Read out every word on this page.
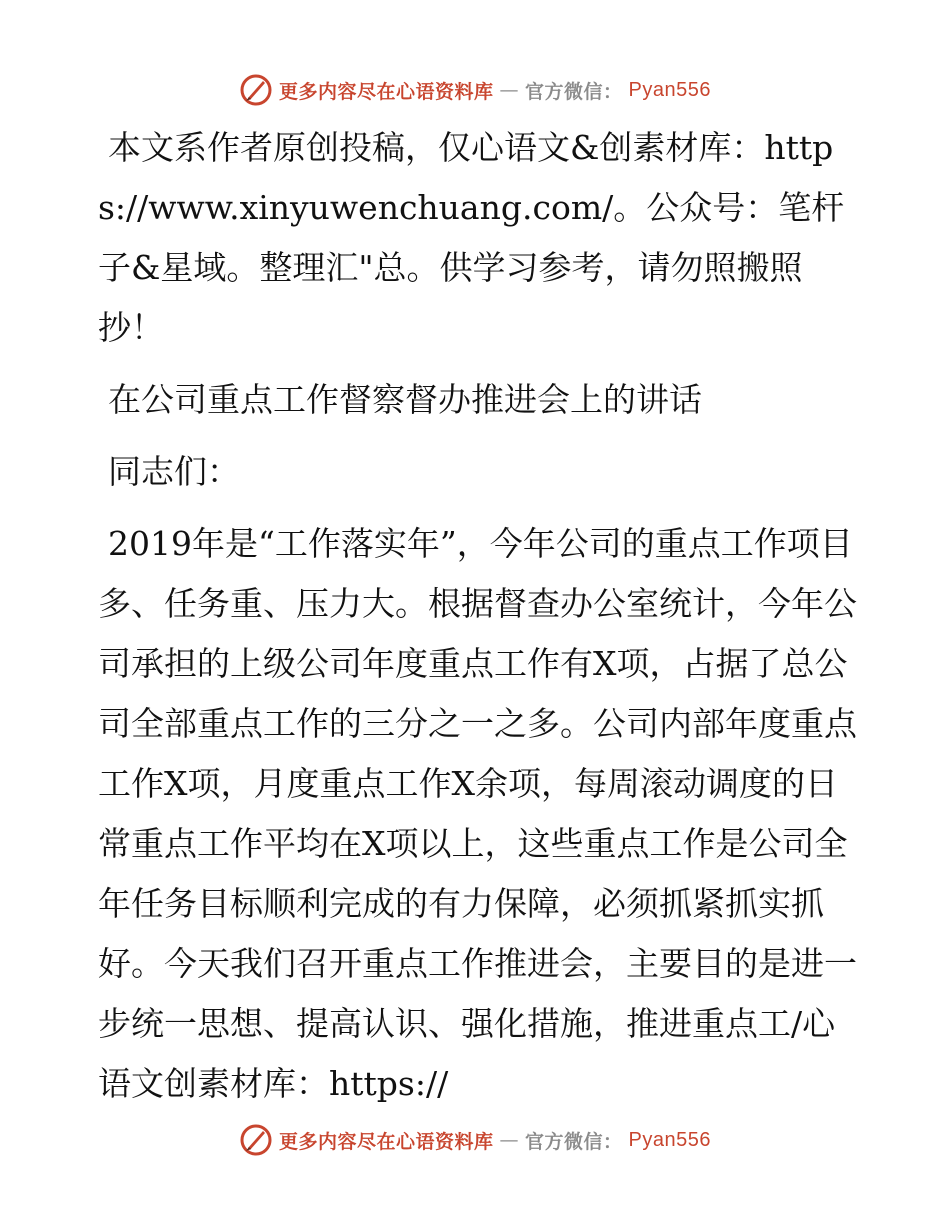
更多内容尽在心语资料库 — 官方微信： Pyan556

本文系作者原创投稿，仅心语文&创素材库：https://www.xinyuwenchuang.com/。公众号：笔杆子&星域。整理汇"总。供学习参考，请勿照搬照抄！

在公司重点工作督察督办推进会上的讲话

同志们：

2019年是“工作落实年”，今年公司的重点工作项目多、任务重、压力大。根据督查办公室统计，今年公司承担的上级公司年度重点工作有X项，占据了总公司全部重点工作的三分之一之多。公司内部年度重点工作X项，月度重点工作X余项，每周滚动调度的日常重点工作平均在X项以上，这些重点工作是公司全年任务目标顺利完成的有力保障，必须抓紧抓实抓好。今天我们召开重点工作推进会，主要目的是进一步统一思想、提高认识、强化措施，推进重点工/心语文创素材库：https://

更多内容尽在心语资料库 — 官方微信： Pyan556
